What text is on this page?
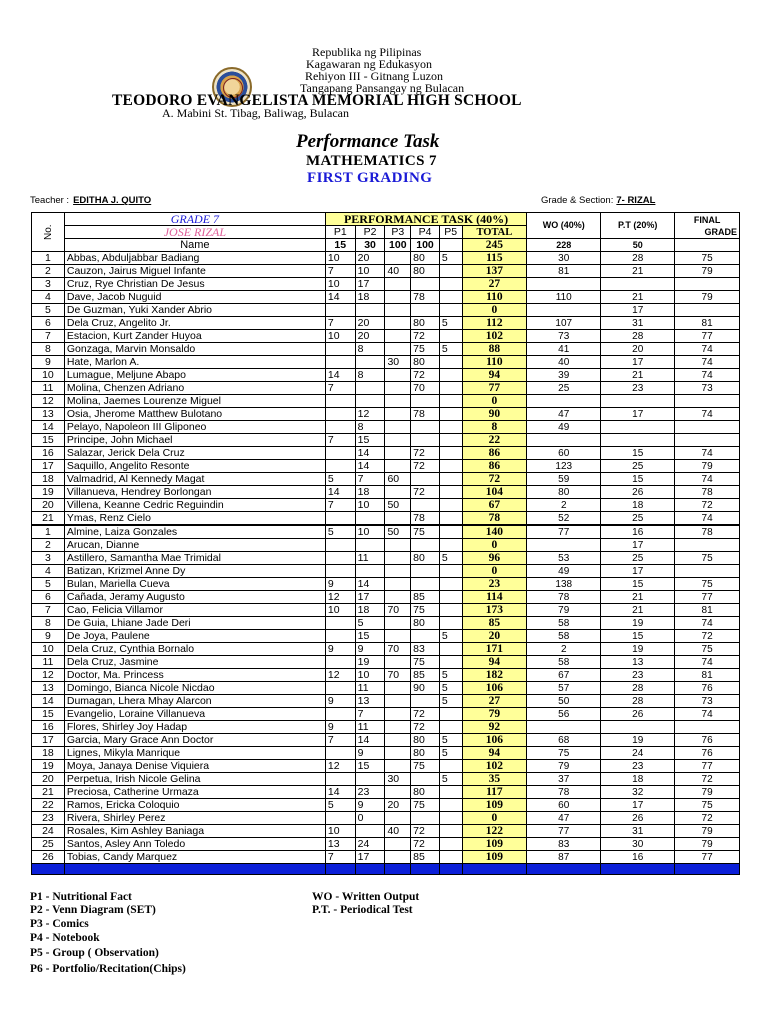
Republika ng Pilipinas
Kagawaran ng Edukasyon
Rehiyon III - Gitnang Luzon
Tangapang Pansangay ng Bulacan
TEODORO EVANGELISTA MEMORIAL HIGH SCHOOL
A. Mabini St. Tibag, Baliwag, Bulacan
Performance Task
MATHEMATICS 7
FIRST GRADING
Teacher : EDITHA J. QUITO	Grade & Section: 7- RIZAL
No.	GRADE 7	PERFORMANCE TASK (40%)						WO (40%)	P.T (20%)	FINAL
GRADE

	JOSE RIZAL	P1	P2	P3	P4	P5	TOTAL			
	Name	15	30	100	100		245	228	50	
1	Abbas, Abduljabbar Badiang	10	20		80	5	115	30	28	75
2	Cauzon, Jairus Miguel Infante	7	10	40	80		137	81	21	79
3	Cruz, Rye Christian De Jesus	10	17				27			
4	Dave, Jacob Nuguid	14	18		78		110	110	21	79
5	De Guzman, Yuki Xander Abrio						0		17	
6	Dela Cruz, Angelito Jr.	7	20		80	5	112	107	31	81
7	Estacion, Kurt Zander Huyoa	10	20		72		102	73	28	77
8	Gonzaga, Marvin Monsaldo		8		75	5	88	41	20	74
9	Hate, Marlon A.			30	80		110	40	17	74
10	Lumague, Meljune Abapo	14	8		72		94	39	21	74
11	Molina, Chenzen Adriano	7			70		77	25	23	73
12	Molina, Jaemes Lourenze Miguel						0			
13	Osia, Jherome Matthew Bulotano		12		78		90	47	17	74
14	Pelayo, Napoleon III Gliponeo		8				8	49		
15	Principe, John Michael	7	15				22			
16	Salazar, Jerick Dela Cruz		14		72		86	60	15	74
17	Saquillo, Angelito Resonte		14		72		86	123	25	79
18	Valmadrid, Al Kennedy Magat	5	7	60			72	59	15	74
19	Villanueva, Hendrey Borlongan	14	18		72		104	80	26	78
20	Villena, Keanne Cedric Reguindin	7	10	50			67	2	18	72
21	Ymas, Renz Cielo				78		78	52	25	74
1	Almine, Laiza Gonzales	5	10	50	75		140	77	16	78
2	Arucan, Dianne						0		17	
3	Astillero, Samantha Mae Trimidal		11		80	5	96	53	25	75
4	Batizan, Krizmel Anne Dy						0	49	17	
5	Bulan, Mariella Cueva	9	14				23	138	15	75
6	Cañada, Jeramy Augusto	12	17		85		114	78	21	77
7	Cao, Felicia Villamor	10	18	70	75		173	79	21	81
8	De Guia, Lhiane Jade Deri		5		80		85	58	19	74
9	De Joya, Paulene		15			5	20	58	15	72
10	Dela Cruz, Cynthia Bornalo	9	9	70	83		171	2	19	75
11	Dela Cruz, Jasmine		19		75		94	58	13	74
12	Doctor, Ma. Princess	12	10	70	85	5	182	67	23	81
13	Domingo, Bianca Nicole Nicdao		11		90	5	106	57	28	76
14	Dumagan, Lhera Mhay Alarcon	9	13			5	27	50	28	73
15	Evangelio, Loraine Villanueva		7		72		79	56	26	74
16	Flores, Shirley Joy Hadap	9	11		72		92			
17	Garcia, Mary Grace Ann Doctor	7	14		80	5	106	68	19	76
18	Lignes, Mikyla Manrique		9		80	5	94	75	24	76
19	Moya, Janaya Denise Viquiera	12	15		75		102	79	23	77
20	Perpetua, Irish Nicole Gelina			30		5	35	37	18	72
21	Preciosa, Catherine Urmaza	14	23		80		117	78	32	79
22	Ramos, Ericka Coloquio	5	9	20	75		109	60	17	75
23	Rivera, Shirley Perez		0				0	47	26	72
24	Rosales, Kim Ashley Baniaga	10		40	72		122	77	31	79
25	Santos, Asley Ann Toledo	13	24		72		109	83	30	79
26	Tobias, Candy Marquez	7	17		85		109	87	16	77

P1 - Nutritional Fact
P2 - Venn Diagram (SET)
P3 - Comics
P4 - Notebook
P5 - Group ( Observation)
P6 - Portfolio/Recitation(Chips)
WO - Written Output
P.T. - Periodical Test
